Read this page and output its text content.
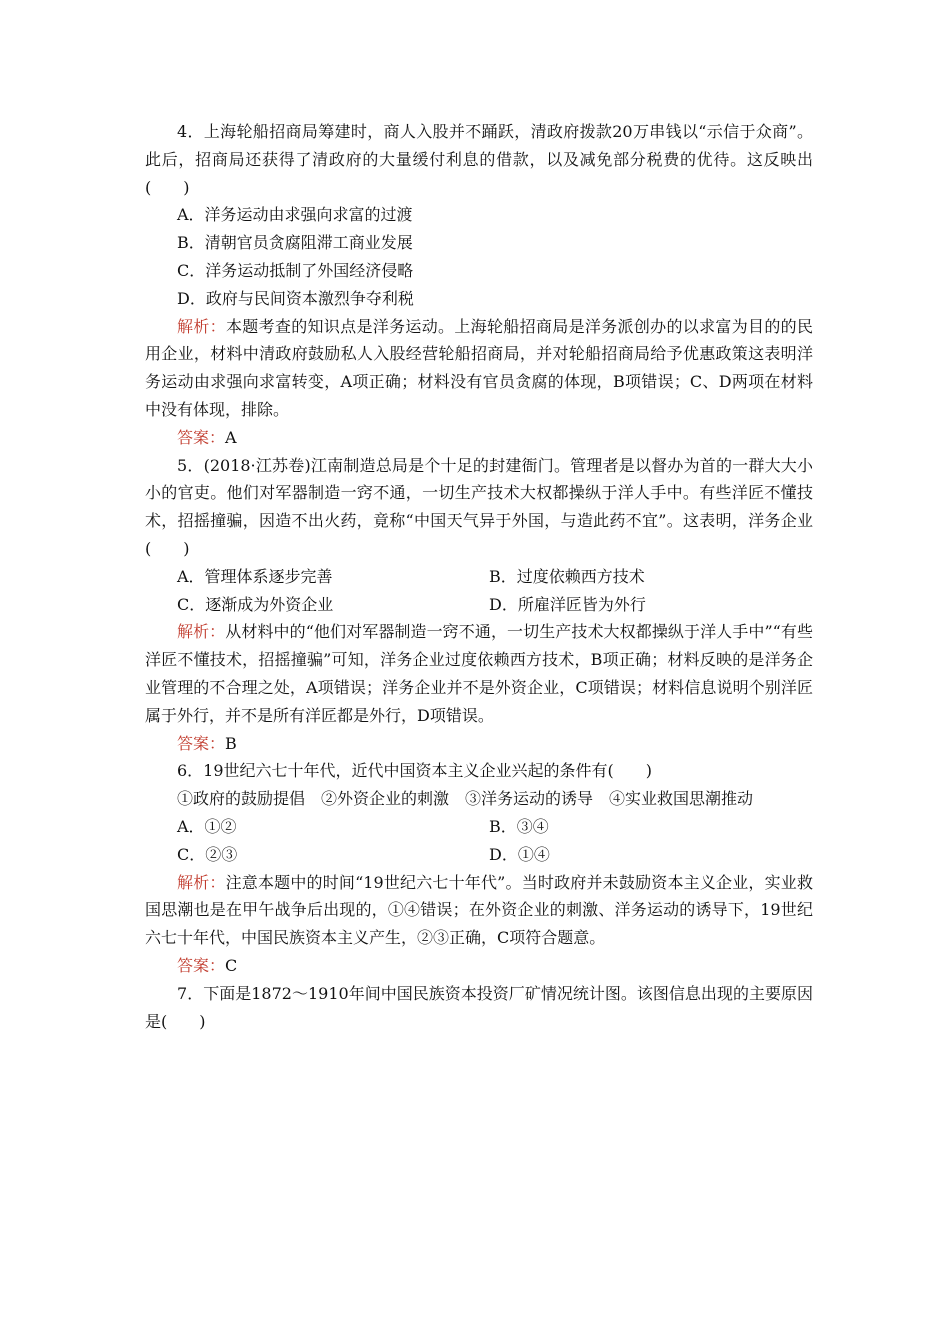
4．上海轮船招商局筹建时，商人入股并不踊跃，清政府拨款20万串钱以“示信于众商”。此后，招商局还获得了清政府的大量缓付利息的借款，以及减免部分税费的优待。这反映出(　　)

A．洋务运动由求强向求富的过渡

B．清朝官员贪腐阻滞工商业发展

C．洋务运动抵制了外国经济侵略

D．政府与民间资本激烈争夺利税

解析：本题考查的知识点是洋务运动。上海轮船招商局是洋务派创办的以求富为目的的民用企业，材料中清政府鼓励私人入股经营轮船招商局，并对轮船招商局给予优惠政策这表明洋务运动由求强向求富转变，A项正确；材料没有官员贪腐的体现，B项错误；C、D两项在材料中没有体现，排除。

答案：A

5．(2018·江苏卷)江南制造总局是个十足的封建衙门。管理者是以督办为首的一群大大小小的官吏。他们对军器制造一窍不通，一切生产技术大权都操纵于洋人手中。有些洋匠不懂技术，招摇撞骗，因造不出火药，竟称“中国天气异于外国，与造此药不宜”。这表明，洋务企业(　　)

A．管理体系逐步完善	B．过度依赖西方技术
C．逐渐成为外资企业	D．所雇洋匠皆为外行

解析：从材料中的“他们对军器制造一窍不通，一切生产技术大权都操纵于洋人手中”“有些洋匠不懂技术，招摇撞骗”可知，洋务企业过度依赖西方技术，B项正确；材料反映的是洋务企业管理的不合理之处，A项错误；洋务企业并不是外资企业，C项错误；材料信息说明个别洋匠属于外行，并不是所有洋匠都是外行，D项错误。

答案：B

6．19世纪六七十年代，近代中国资本主义企业兴起的条件有(　　)

①政府的鼓励提倡　②外资企业的刺激　③洋务运动的诱导　④实业救国思潮推动

A．①②	B．③④
C．②③	D．①④

解析：注意本题中的时间“19世纪六七十年代”。当时政府并未鼓励资本主义企业，实业救国思潮也是在甲午战争后出现的，①④错误；在外资企业的刺激、洋务运动的诱导下，19世纪六七十年代，中国民族资本主义产生，②③正确，C项符合题意。

答案：C

7．下面是1872～1910年间中国民族资本投资厂矿情况统计图。该图信息出现的主要原因是(　　)
